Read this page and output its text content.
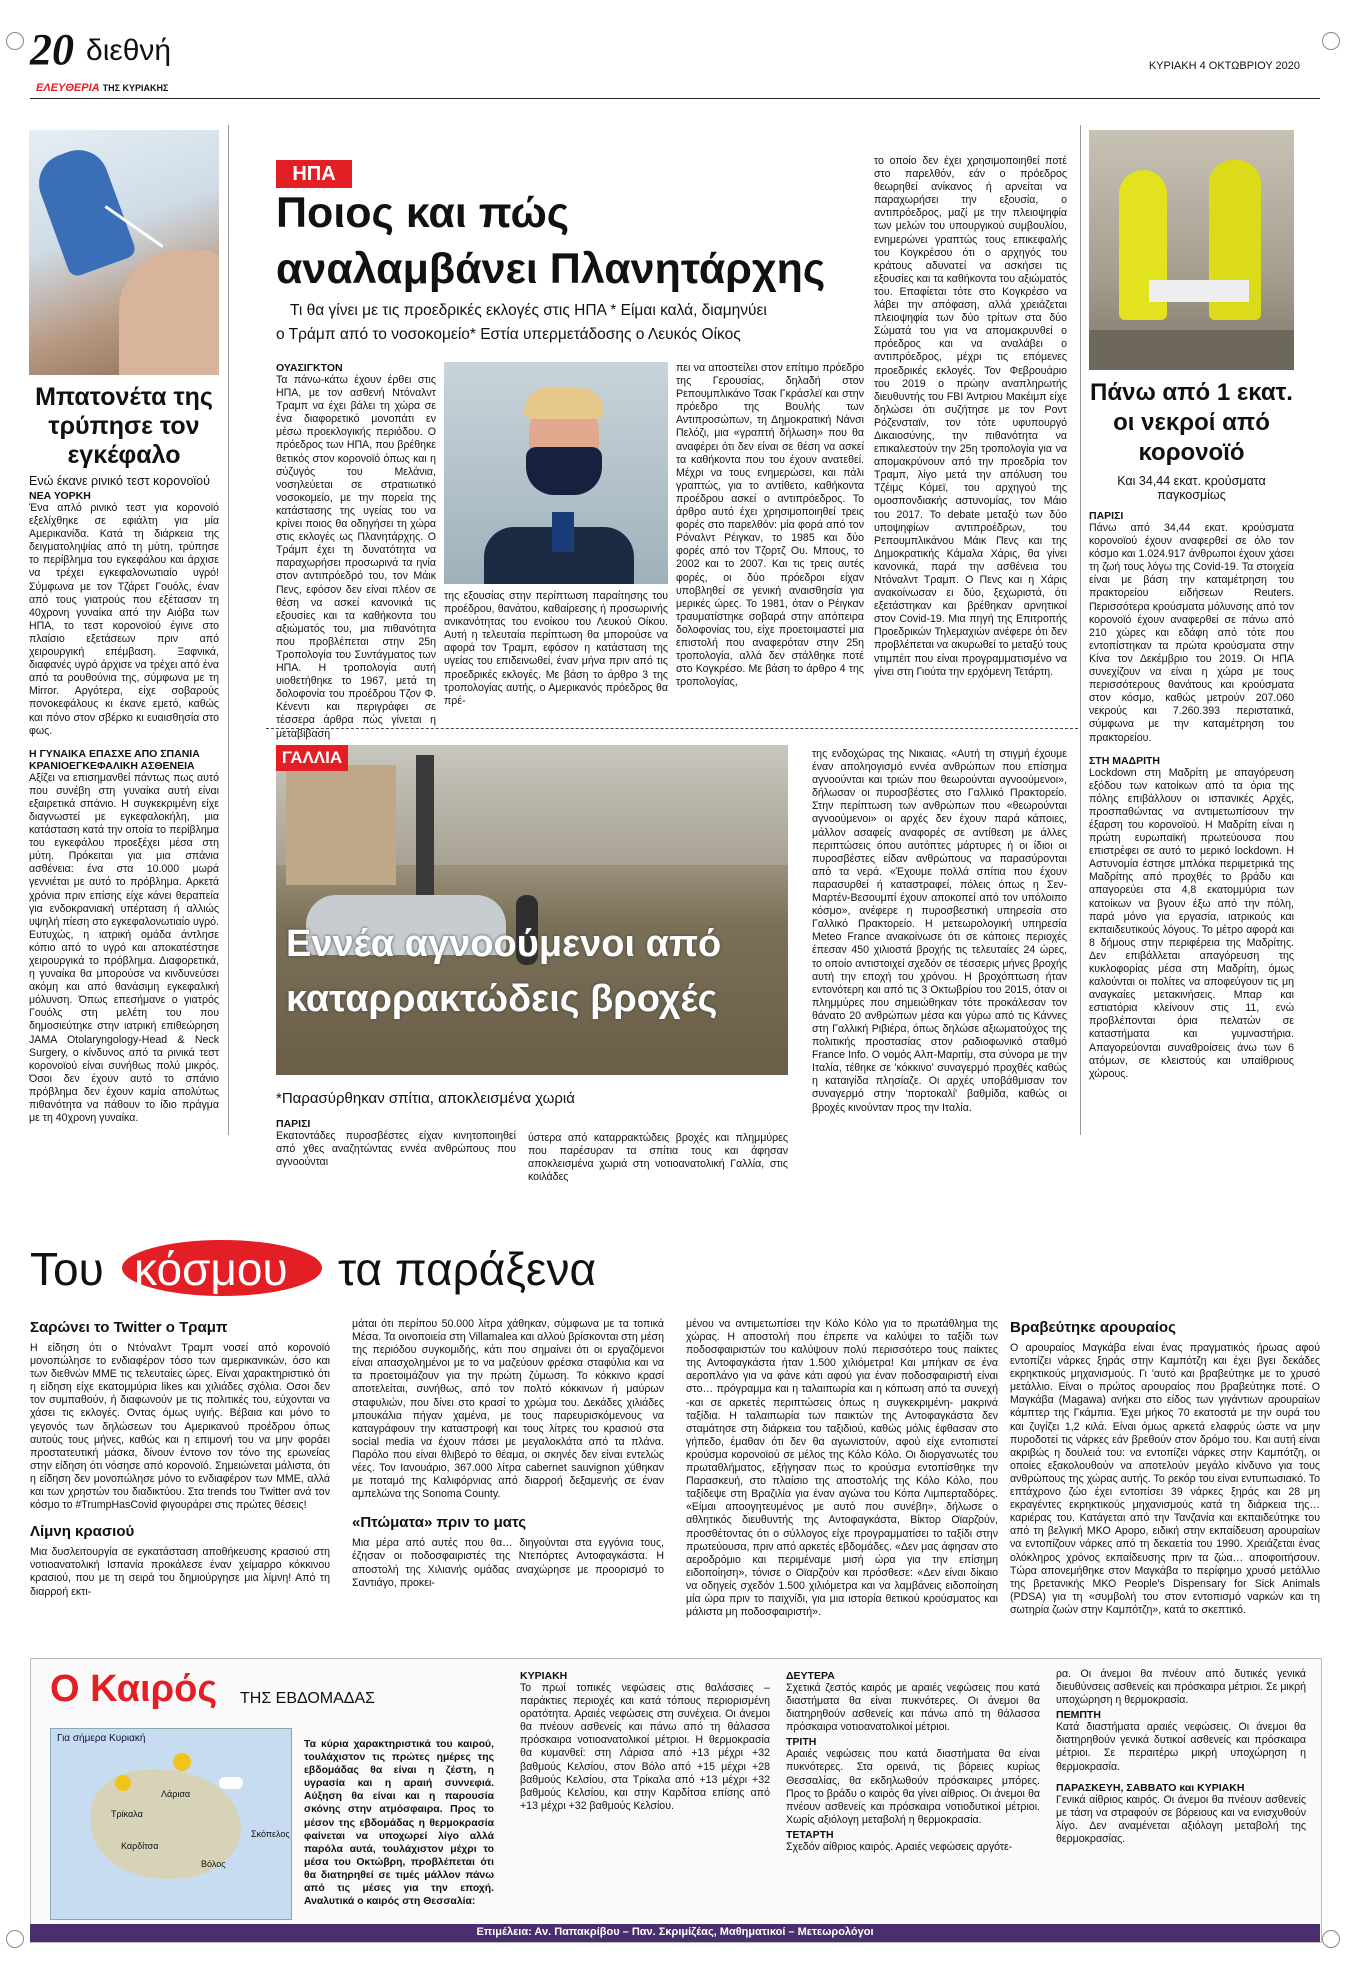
20 διεθνή
ΕΛΕΥΘΕΡΙΑ ΤΗΣ ΚΥΡΙΑΚΗΣ
ΚΥΡΙΑΚΗ 4 ΟΚΤΩΒΡΙΟΥ 2020
Μπατονέτα της τρύπησε τον εγκέφαλο
Ενώ έκανε ρινικό τεστ κορονοϊού
ΝΕΑ ΥΟΡΚΗ
Ένα απλό ρινικό τεστ για κορονοϊό εξελίχθηκε σε εφιάλτη για μία Αμερικανίδα. Κατά τη διάρκεια της δειγματοληψίας από τη μύτη, τρύπησε το περίβλημα του εγκεφάλου και άρχισε να τρέχει εγκεφαλονωτιαίο υγρό! Σύμφωνα με τον Τζάρετ Γουόλς, έναν από τους γιατρούς που εξέτασαν τη 40χρονη γυναίκα από την Αιόβα των ΗΠΑ, το τεστ κορονοϊού έγινε στο πλαίσιο εξετάσεων πριν από χειρουργική επέμβαση. Ξαφνικά, διαφανές υγρό άρχισε να τρέχει από ένα από τα ρουθούνια της, σύμφωνα με τη Mirror. Αργότερα, είχε σοβαρούς πονοκεφάλους κι έκανε εμετό, καθώς και πόνο στον σβέρκο κι ευαισθησία στο φως.
Η ΓΥΝΑΙΚΑ ΕΠΑΣΧΕ ΑΠΟ ΣΠΑΝΙΑ ΚΡΑΝΙΟΕΓΚΕΦΑΛΙΚΗ ΑΣΘΕΝΕΙΑ
Αξίζει να επισημανθεί πάντως πως αυτό που συνέβη στη γυναίκα αυτή είναι εξαιρετικά σπάνιο. Η συγκεκριμένη είχε διαγνωστεί με εγκεφαλοκήλη, μια κατάσταση κατά την οποία το περίβλημα του εγκεφάλου προεξέχει μέσα στη μύτη. Πρόκειται για μια σπάνια ασθένεια: ένα στα 10.000 μωρά γεννιέται με αυτό το πρόβλημα. Αρκετά χρόνια πριν επίσης είχε κάνει θεραπεία για ενδοκρανιακή υπέρταση ή αλλιώς υψηλή πίεση στο εγκεφαλονωτιαίο υγρό. Ευτυχώς, η ιατρική ομάδα άντλησε κόπιο από το υγρό και αποκατέστησε χειρουργικά το πρόβλημα. Διαφορετικά, η γυναίκα θα μπορούσε να κινδυνεύσει ακόμη και από θανάσιμη εγκεφαλική μόλυνση. Όπως επεσήμανε ο γιατρός Γουόλς στη μελέτη του που δημοσιεύτηκε στην ιατρική επιθεώρηση JAMA Otolaryngology-Head & Neck Surgery, ο κίνδυνος από τα ρινικά τεστ κορονοϊού είναι συνήθως πολύ μικρός. Όσοι δεν έχουν αυτό το σπάνιο πρόβλημα δεν έχουν καμία απολύτως πιθανότητα να πάθουν το ίδιο πράγμα με τη 40χρονη γυναίκα.
ΗΠΑ
Ποιος και πώς
αναλαμβάνει Πλανητάρχης
Τι θα γίνει με τις προεδρικές εκλογές στις ΗΠΑ * Είμαι καλά, διαμηνύει
ο Τράμπ από το νοσοκομείο* Εστία υπερμετάδοσης ο Λευκός Οίκος
ΟΥΑΣΙΓΚΤΟΝ
Τα πάνω-κάτω έχουν έρθει στις ΗΠΑ, με τον ασθενή Ντόναλντ Τραμπ να έχει βάλει τη χώρα σε ένα διαφορετικό μονοπάτι εν μέσω προεκλογικής περιόδου. Ο πρόεδρος των ΗΠΑ, που βρέθηκε θετικός στον κορονοϊό όπως και η σύζυγός του Μελάνια, νοσηλεύεται σε στρατιωτικό νοσοκομείο, με την πορεία της κατάστασης της υγείας του να κρίνει ποιος θα οδηγήσει τη χώρα στις εκλογές ως Πλανητάρχης. Ο Τράμπ έχει τη δυνατότητα να παραχωρήσει προσωρινά τα ηνία στον αντιπρόεδρό του, τον Μάικ Πενς, εφόσον δεν είναι πλέον σε θέση να ασκεί κανονικά τις εξουσίες και τα καθήκοντα του αξιώματός του, μια πιθανότητα που προβλέπεται στην 25η Τροπολογία του Συντάγματος των ΗΠΑ. Η τροπολογία αυτή υιοθετήθηκε το 1967, μετά τη δολοφονία του προέδρου Τζον Φ. Κένεντι και περιγράφει σε τέσσερα άρθρα πώς γίνεται η μεταβίβαση
της εξουσίας στην περίπτωση παραίτησης του προέδρου, θανάτου, καθαίρεσης ή προσωρινής ανικανότητας του ενοίκου του Λευκού Οίκου. Αυτή η τελευταία περίπτωση θα μπορούσε να αφορά τον Τραμπ, εφόσον η κατάσταση της υγείας του επιδεινωθεί, έναν μήνα πριν από τις προεδρικές εκλογές. Με βάση το άρθρο 3 της τροπολογίας αυτής, ο Αμερικανός πρόεδρος θα πρέ-
πει να αποστείλει στον επίτιμο πρόεδρο της Γερουσίας, δηλαδή στον Ρεπουμπλικάνο Τσακ Γκράσλεϊ και στην πρόεδρο της Βουλής των Αντιπροσώπων, τη Δημοκρατική Νάνσι Πελόζι, μια «γραπτή δήλωση» που θα αναφέρει ότι δεν είναι σε θέση να ασκεί τα καθήκοντα που του έχουν ανατεθεί. Μέχρι να τους ενημερώσει, και πάλι γραπτώς, για το αντίθετο, καθήκοντα προέδρου ασκεί ο αντιπρόεδρος. Το άρθρο αυτό έχει χρησιμοποιηθεί τρεις φορές στο παρελθόν: μία φορά από τον Ρόναλντ Ρέιγκαν, το 1985 και δύο φορές από τον Τζορτζ Ου. Μπους, το 2002 και το 2007. Και τις τρεις αυτές φορές, οι δύο πρόεδροι είχαν υποβληθεί σε γενική αναισθησία για μερικές ώρες. Το 1981, όταν ο Ρέιγκαν τραυματίστηκε σοβαρά στην απόπειρα δολοφονίας του, είχε προετοιμαστεί μια επιστολή που αναφερόταν στην 25η τροπολογία, αλλά δεν στάλθηκε ποτέ στο Κογκρέσο. Με βάση το άρθρο 4 της τροπολογίας,
το οποίο δεν έχει χρησιμοποιηθεί ποτέ στο παρελθόν, εάν ο πρόεδρος θεωρηθεί ανίκανος ή αρνείται να παραχωρήσει την εξουσία, ο αντιπρόεδρος, μαζί με την πλειοψηφία των μελών του υπουργικού συμβουλίου, ενημερώνει γραπτώς τους επικεφαλής του Κογκρέσου ότι ο αρχηγός του κράτους αδυνατεί να ασκήσει τις εξουσίες και τα καθήκοντα του αξιώματός του. Επαφίεται τότε στο Κογκρέσο να λάβει την απόφαση, αλλά χρειάζεται πλειοψηφία των δύο τρίτων στα δύο Σώματά του για να απομακρυνθεί ο πρόεδρος και να αναλάβει ο αντιπρόεδρος, μέχρι τις επόμενες προεδρικές εκλογές. Τον Φεβρουάριο του 2019 ο πρώην αναπληρωτής διευθυντής του FBI Άντριου Μακέιμπ είχε δηλώσει ότι συζήτησε με τον Ροντ Ρόζενσταϊν, τον τότε υφυπουργό Δικαιοσύνης, την πιθανότητα να επικαλεστούν την 25η τροπολογία για να απομακρύνουν από την προεδρία τον Τραμπ, λίγο μετά την απόλυση του Τζέιμς Κόμεϊ, του αρχηγού της ομοσπονδιακής αστυνομίας, τον Μάιο του 2017. Το debate μεταξύ των δύο υποψηφίων αντιπροέδρων, του Ρεπουμπλικάνου Μάικ Πενς και της Δημοκρατικής Κάμαλα Χάρις, θα γίνει κανονικά, παρά την ασθένεια του Ντόναλντ Τραμπ. Ο Πενς και η Χάρις ανακοίνωσαν ει δύο, ξεχωριστά, ότι εξετάστηκαν και βρέθηκαν αρνητικοί στον Covid-19. Μια πηγή της Επιτροπής Προεδρικών Τηλεμαχιών ανέφερε ότι δεν προβλέπεται να ακυρωθεί το μεταξύ τους ντιμπέιτ που είναι προγραμματισμένο να γίνει στη Γιούτα την ερχόμενη Τετάρτη.
Πάνω από 1 εκατ. οι νεκροί από κορονοϊό
Και 34,44 εκατ. κρούσματα παγκοσμίως
ΠΑΡΙΣΙ
Πάνω από 34,44 εκατ. κρούσματα κορονοϊού έχουν αναφερθεί σε όλο τον κόσμο και 1.024.917 άνθρωποι έχουν χάσει τη ζωή τους λόγω της Covid-19. Τα στοιχεία είναι με βάση την καταμέτρηση του πρακτορείου ειδήσεων Reuters. Περισσότερα κρούσματα μόλυνσης από τον κορονοϊό έχουν αναφερθεί σε πάνω από 210 χώρες και εδάφη από τότε που εντοπίστηκαν τα πρώτα κρούσματα στην Κίνα τον Δεκέμβριο του 2019. Οι ΗΠΑ συνεχίζουν να είναι η χώρα με τους περισσότερους θανάτους και κρούσματα στον κόσμο, καθώς μετρούν 207.060 νεκρούς και 7.260.393 περιστατικά, σύμφωνα με την καταμέτρηση του πρακτορείου.
ΣΤΗ ΜΑΔΡΙΤΗ
Lockdown στη Μαδρίτη με απαγόρευση εξόδου των κατοίκων από τα όρια της πόλης επιβάλλουν οι ισπανικές Αρχές, προσπαθώντας να αντιμετωπίσουν την έξαρση του κορονοϊού. Η Μαδρίτη είναι η πρώτη ευρωπαϊκή πρωτεύουσα που επιστρέφει σε αυτό το μερικό lockdown. Η Αστυνομία έστησε μπλόκα περιμετρικά της Μαδρίτης από προχθές το βράδυ και απαγορεύει στα 4,8 εκατομμύρια των κατοίκων να βγουν έξω από την πόλη, παρά μόνο για εργασία, ιατρικούς και εκπαιδευτικούς λόγους. Το μέτρο αφορά και 8 δήμους στην περιφέρεια της Μαδρίτης. Δεν επιβάλλεται απαγόρευση της κυκλοφορίας μέσα στη Μαδρίτη, όμως καλούνται οι πολίτες να αποφεύγουν τις μη αναγκαίες μετακινήσεις. Μπαρ και εστιατόρια κλείνουν στις 11, ενώ προβλέπονται όρια πελατών σε καταστήματα και γυμναστήρια. Απαγορεύονται συναθροίσεις άνω των 6 ατόμων, σε κλειστούς και υπαίθριους χώρους.
ΓΑΛΛΙΑ
Εννέα αγνοούμενοι από
καταρρακτώδεις βροχές
*Παρασύρθηκαν σπίτια, αποκλεισμένα χωριά
ΠΑΡΙΣΙ
Εκατοντάδες πυροσβέστες είχαν κινητοποιηθεί από χθες αναζητώντας εννέα ανθρώπους που αγνοούνται
ύστερα από καταρρακτώδεις βροχές και πλημμύρες που παρέσυραν τα σπίτια τους και άφησαν αποκλεισμένα χωριά στη νοτιοανατολική Γαλλία, στις κοιλάδες
της ενδοχώρας της Νικαιας. «Αυτή τη στιγμή έχουμε έναν αποληογισμό εννέα ανθρώπων που επίσημα αγνοούνται και τριών που θεωρούνται αγνοούμενοι», δήλωσαν οι πυροσβέστες στο Γαλλικό Πρακτορείο. Στην περίπτωση των ανθρώπων που «θεωρούνται αγνοούμενοι» οι αρχές δεν έχουν παρά κάποιες, μάλλον ασαφείς αναφορές σε αντίθεση με άλλες περιπτώσεις όπου αυτόπτες μάρτυρες ή οι ίδιοι οι πυροσβέστες είδαν ανθρώπους να παρασύρονται από τα νερά. «Έχουμε πολλά σπίτια που έχουν παρασυρθεί ή καταστραφεί, πόλεις όπως η Σεν-Μαρτέν-Βεσουμπί έχουν αποκοπεί από τον υπόλοιπο κόσμο», ανέφερε η πυροσβεστική υπηρεσία στο Γαλλικό Πρακτορείο. Η μετεωρολογική υπηρεσία Meteo France ανακοίνωσε ότι σε κάποιες περιοχές έπεσαν 450 χιλιοστά βροχής τις τελευταίες 24 ώρες, το οποίο αντιστοιχεί σχεδόν σε τέσσερις μήνες βροχής αυτή την εποχή του χρόνου. Η βροχόπτωση ήταν εντονότερη και από τις 3 Οκτωβρίου του 2015, όταν οι πλημμύρες που σημειώθηκαν τότε προκάλεσαν τον θάνατο 20 ανθρώπων μέσα και γύρω από τις Κάννες στη Γαλλική Ριβιέρα, όπως δηλώσε αξιωματούχος της πολιτικής προστασίας στον ραδιοφωνικό σταθμό France Info. Ο νομός Αλπ-Μαριτίμ, στα σύνορα με την Ιταλία, τέθηκε σε 'κόκκινο' συναγερμό προχθές καθώς η καταιγίδα πλησίαζε. Οι αρχές υποβάθμισαν τον συναγερμό στην 'πορτοκαλί' βαθμίδα, καθώς οι βροχές κινούνταν προς την Ιταλία.
Του κόσμου τα παράξενα
Σαρώνει το Twitter ο Τραμπ
Η είδηση ότι ο Ντόναλντ Τραμπ νοσεί από κορονοϊό μονοπώλησε το ενδιαφέρον τόσο των αμερικανικών, όσο και των διεθνών ΜΜΕ τις τελευταίες ώρες. Είναι χαρακτηριστικό ότι η είδηση είχε εκατομμύρια likes και χιλιάδες σχόλια. Οσοι δεν τον συμπαθούν, ή διαφωνούν με τις πολιτικές του, εύχονται να χάσει τις εκλογές. Οντας όμως υγιής. Βέβαια και μόνο το γεγονός των δηλώσεων του Αμερικανού προέδρου όπως αυτούς τους μήνες, καθώς και η επιμονή του να μην φοράει προστατευτική μάσκα, δίνουν έντονο τον τόνο της ερωνείας στην είδηση ότι νόσησε από κορονοϊό. Σημειώνεται μάλιστα, ότι η είδηση δεν μονοπώλησε μόνο το ενδιαφέρον των ΜΜΕ, αλλά και των χρηστών του διαδικτύου. Στα trends του Twitter ανά τον κόσμο το #TrumpHasCovid φιγουράρει στις πρώτες θέσεις!
Λίμνη κρασιού
Μια δυσλειτουργία σε εγκατάσταση αποθήκευσης κρασιού στη νοτιοανατολική Ισπανία προκάλεσε έναν χείμαρρο κόκκινου κρασιού, που με τη σειρά του δημιούργησε μια λίμνη! Από τη διαρροή εκτι-
μάται ότι περίπου 50.000 λίτρα χάθηκαν, σύμφωνα με τα τοπικά Μέσα. Τα οινοποιεία στη Villamalea και αλλού βρίσκονται στη μέση της περιόδου συγκομιδής, κάτι που σημαίνει ότι οι εργαζόμενοι είναι απασχολημένοι με το να μαζεύουν φρέσκα σταφύλια και να τα προετοιμάζουν για την πρώτη ζύμωση. Το κόκκινο κρασί αποτελείται, συνήθως, από τον πολτό κόκκινων ή μαύρων σταφυλιών, που δίνει στο κρασί το χρώμα του. Δεκάδες χιλιάδες μπουκάλια πήγαν χαμένα, με τους παρευρισκόμενους να καταγράφουν την καταστροφή και τους λίτρες του κρασιού στα social media να έχουν πάσει με μεγαλοκλάτα από τα πλάνα. Παρόλο που είναι θλιβερό το θέαμα, οι σκηνές δεν είναι εντελώς νέες. Τον Ιανουάριο, 367.000 λίτρα cabernet sauvignon χύθηκαν με ποταμό της Καλιφόρνιας από διαρροή δεξαμενής σε έναν αμπελώνα της Sonoma County.
«Πτώματα» πριν το ματς
Μια μέρα από αυτές που θα… διηγούνται στα εγγόνια τους, έζησαν οι ποδοσφαιριστές της Ντεπόρτες Αντοφαγκάστα. Η αποστολή της Χιλιανής ομάδας αναχώρησε με προορισμό το Σαντιάγο, προκει-
μένου να αντιμετωπίσει την Κόλο Κόλο για το πρωτάθλημα της χώρας. Η αποστολή που έπρεπε να καλύψει το ταξίδι των ποδοσφαιριστών του καλύψουν πολύ περισσότερο τους παίκτες της Αντοφαγκάστα ήταν 1.500 χιλιόμετρα! Και μπήκαν σε ένα αεροπλάνο για να φάνε κάτι αφού για έναν ποδοσφαιριστή είναι στο… πρόγραμμα και η ταλαιπωρία και η κόπωση από τα συνεχή -και σε αρκετές περιπτώσεις όπως η συγκεκριμένη- μακρινά ταξίδια. Η ταλαιπωρία των παικτών της Αντοφαγκάστα δεν σταμάτησε στη διάρκεια του ταξιδιού, καθώς μόλις έφθασαν στο γήπεδο, έμαθαν ότι δεν θα αγωνιστούν, αφού είχε εντοπιστεί κρούσμα κορονοϊού σε μέλος της Κόλο Κόλο. Οι διοργανωτές του πρωταθλήματος, εξήγησαν πως το κρούσμα εντοπίσθηκε την Παρασκευή, στο πλαίσιο της αποστολής της Κόλο Κόλο, που ταξίδεψε στη Βραζιλία για έναν αγώνα του Κόπα Λιμπερταδόρες. «Είμαι αποογητευμένος με αυτό που συνέβη», δήλωσε ο αθλητικός διευθυντής της Αντοφαγκάστα, Βίκτορ Οϊαρζούν, προσθέτοντας ότι ο σύλλογος είχε προγραμματίσει το ταξίδι στην πρωτεύουσα, πριν από αρκετές εβδομάδες. «Δεν μας άφησαν στο αεροδρόμιο και περιμέναμε μισή ώρα για την επίσημη ειδοποίηση», τόνισε ο Οϊαρζούν και πρόσθεσε: «Δεν είναι δίκαιο να οδηγείς σχεδόν 1.500 χιλιόμετρα και να λαμβάνεις ειδοποίηση μία ώρα πριν το παιχνίδι, για μια ιστορία θετικού κρούσματος και μάλιστα μη ποδοσφαιριστή».
Βραβεύτηκε αρουραίος
Ο αρουραίος Μαγκάβα είναι ένας πραγματικός ήρωας αφού εντοπίζει νάρκες ξηράς στην Καμπότζη και έχει βγει δεκάδες εκρηκτικούς μηχανισμούς. Γι 'αυτό και βραβεύτηκε με το χρυσό μετάλλιο. Είναι ο πρώτος αρουραίος που βραβεύτηκε ποτέ. Ο Μαγκάβα (Magawa) ανήκει στο είδος των γιγάντιων αρουραίων κάμπτερ της Γκάμπια. Έχει μήκος 70 εκατοστά με την ουρά του και ζυγίζει 1,2 κιλά. Είναι όμως αρκετά ελαφρύς ώστε να μην πυροδοτεί τις νάρκες εάν βρεθούν στον δρόμο του. Και αυτή είναι ακριβώς η δουλειά του: να εντοπίζει νάρκες στην Καμπότζη, οι οποίες εξακολουθούν να αποτελούν μεγάλο κίνδυνο για τους ανθρώπους της χώρας αυτής. Το ρεκόρ του είναι εντυπωσιακό. Το επτάχρονο ζώο έχει εντοπίσει 39 νάρκες ξηράς και 28 μη εκραγέντες εκρηκτικούς μηχανισμούς κατά τη διάρκεια της… καριέρας του. Κατάγεται από την Τανζανία και εκπαιδεύτηκε του από τη βελγική ΜΚΟ Apopo, ειδική στην εκπαίδευση αρουραίων να εντοπίζουν νάρκες από τη δεκαετία του 1990. Χρειάζεται ένας ολόκληρος χρόνος εκπαίδευσης πριν τα ζώα… αποφοιτήσουν. Τώρα απονεμήθηκε στον Μαγκάβα το περίφημο χρυσό μετάλλιο της βρετανικής ΜΚΟ People's Dispensary for Sick Animals (PDSA) για τη «συμβολή του στον εντοπισμό ναρκών και τη σωτηρία ζωών στην Καμπότζη», κατά το σκεπτικό.
Ο Καιρός ΤΗΣ ΕΒΔΟΜΑΔΑΣ
Για σήμερα Κυριακή
Λάρισα
Βόλος
Τρίκαλα
Καρδίτσα
Σκόπελος
Τα κύρια χαρακτηριστικά του καιρού, τουλάχιστον τις πρώτες ημέρες της εβδομάδας θα είναι η ζέστη, η υγρασία και η αραιή συννεφιά. Αύξηση θα είναι και η παρουσία σκόνης στην ατμόσφαιρα. Προς το μέσον της εβδομάδας η θερμοκρασία φαίνεται να υποχωρεί λίγο αλλά παρόλα αυτά, τουλάχιστον μέχρι το μέσα του Οκτώβρη, προβλέπεται ότι θα διατηρηθεί σε τιμές μάλλον πάνω από τις μέσες για την εποχή. Αναλυτικά ο καιρός στη Θεσσαλία:
ΚΥΡΙΑΚΗ
Το πρωί τοπικές νεφώσεις στις θαλάσσιες – παράκτιες περιοχές και κατά τόπους περιορισμένη ορατότητα. Αραιές νεφώσεις στη συνέχεια. Οι άνεμοι θα πνέουν ασθενείς και πάνω από τη θάλασσα πρόσκαιρα νοτιοανατολικοί μέτριοι. Η θερμοκρασία θα κυμανθεί: στη Λάρισα από +13 μέχρι +32 βαθμούς Κελσίου, στον Βόλο από +15 μέχρι +28 βαθμούς Κελσίου, στα Τρίκαλα από +13 μέχρι +32 βαθμούς Κελσίου, και στην Καρδίτσα επίσης από +13 μέχρι +32 βαθμούς Κελσίου.
ΔΕΥΤΕΡΑ
Σχετικά ζεστός καιρός με αραιές νεφώσεις που κατά διαστήματα θα είναι πυκνότερες. Οι άνεμοι θα διατηρηθούν ασθενείς και πάνω από τη θάλασσα πρόσκαιρα νοτιοανατολικοί μέτριοι.
ΤΡΙΤΗ
Αραιές νεφώσεις που κατά διαστήματα θα είναι πυκνότερες. Στα ορεινά, τις βόρειες κυρίως Θεσσαλίας, θα εκδηλωθούν πρόσκαιρες μπόρες. Προς το βράδυ ο καιρός θα γίνει αίθριος. Οι άνεμοι θα πνέουν ασθενείς και πρόσκαιρα νοτιοδυτικοί μέτριοι. Χωρίς αξιόλογη μεταβολή η θερμοκρασία.
ΤΕΤΑΡΤΗ
Σχεδόν αίθριος καιρός. Αραιές νεφώσεις αργότε-
ρα. Οι άνεμοι θα πνέουν από δυτικές γενικά διευθύνσεις ασθενείς και πρόσκαιρα μέτριοι. Σε μικρή υποχώρηση η θερμοκρασία.
ΠΕΜΠΤΗ
Κατά διαστήματα αραιές νεφώσεις. Οι άνεμοι θα διατηρηθούν γενικά δυτικοί ασθενείς και πρόσκαιρα μέτριοι. Σε περαιτέρω μικρή υποχώρηση η θερμοκρασία.
ΠΑΡΑΣΚΕΥΗ, ΣΑΒΒΑΤΟ και ΚΥΡΙΑΚΗ
Γενικά αίθριος καιρός. Οι άνεμοι θα πνέουν ασθενείς με τάση να στραφούν σε βόρειους και να ενισχυθούν λίγο. Δεν αναμένεται αξιόλογη μεταβολή της θερμοκρασίας.
Επιμέλεια: Αν. Παπακρίβου – Παν. Σκριμίζέας, Μαθηματικοί – Μετεωρολόγοι
